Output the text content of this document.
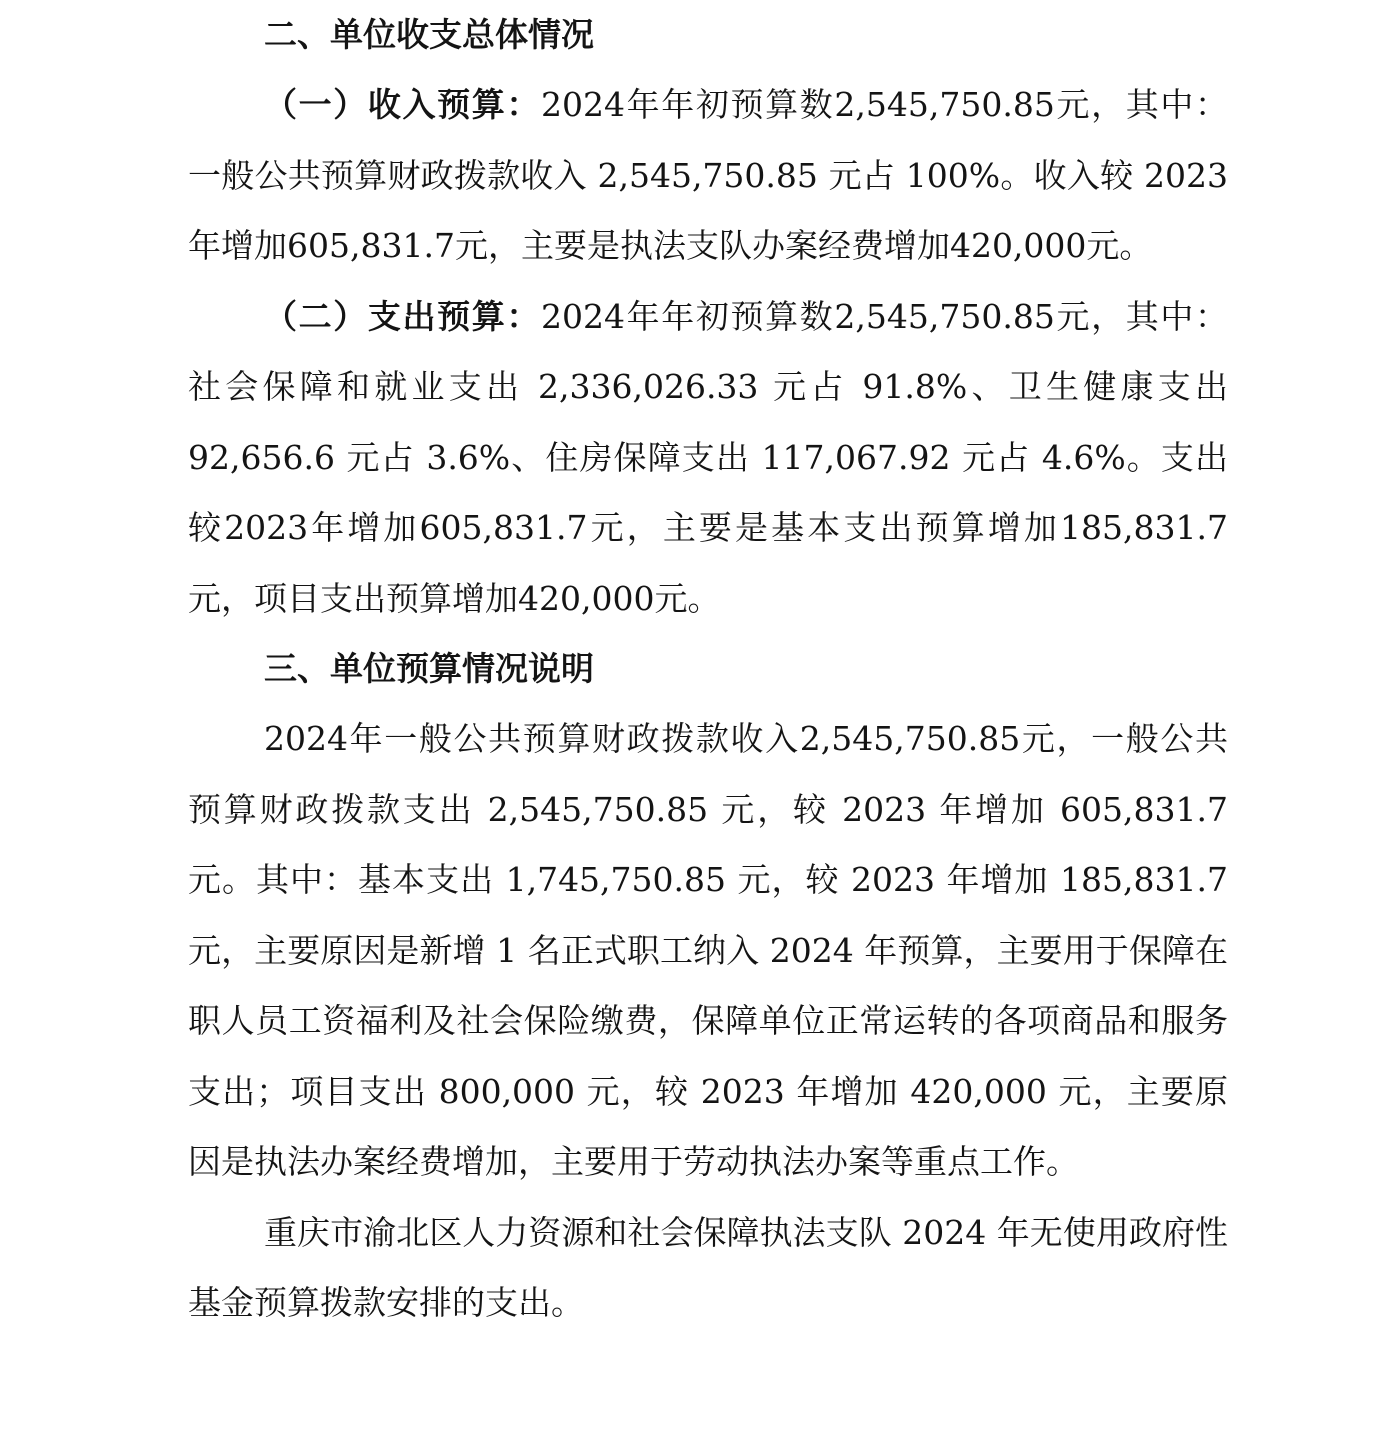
二、单位收支总体情况

（一）收入预算：2024年年初预算数2,545,750.85元，其中：一般公共预算财政拨款收入 2,545,750.85 元占 100%。收入较 2023年增加605,831.7元，主要是执法支队办案经费增加420,000元。

（二）支出预算：2024年年初预算数2,545,750.85元，其中：社会保障和就业支出 2,336,026.33 元占 91.8%、卫生健康支出 92,656.6 元占 3.6%、住房保障支出 117,067.92 元占 4.6%。支出较2023年增加605,831.7元，主要是基本支出预算增加185,831.7元，项目支出预算增加420,000元。

三、单位预算情况说明

2024年一般公共预算财政拨款收入2,545,750.85元，一般公共预算财政拨款支出 2,545,750.85 元，较 2023 年增加 605,831.7 元。其中：基本支出 1,745,750.85 元，较 2023 年增加 185,831.7 元，主要原因是新增 1 名正式职工纳入 2024 年预算，主要用于保障在职人员工资福利及社会保险缴费，保障单位正常运转的各项商品和服务支出；项目支出 800,000 元，较 2023 年增加 420,000 元，主要原因是执法办案经费增加，主要用于劳动执法办案等重点工作。

重庆市渝北区人力资源和社会保障执法支队 2024 年无使用政府性基金预算拨款安排的支出。
